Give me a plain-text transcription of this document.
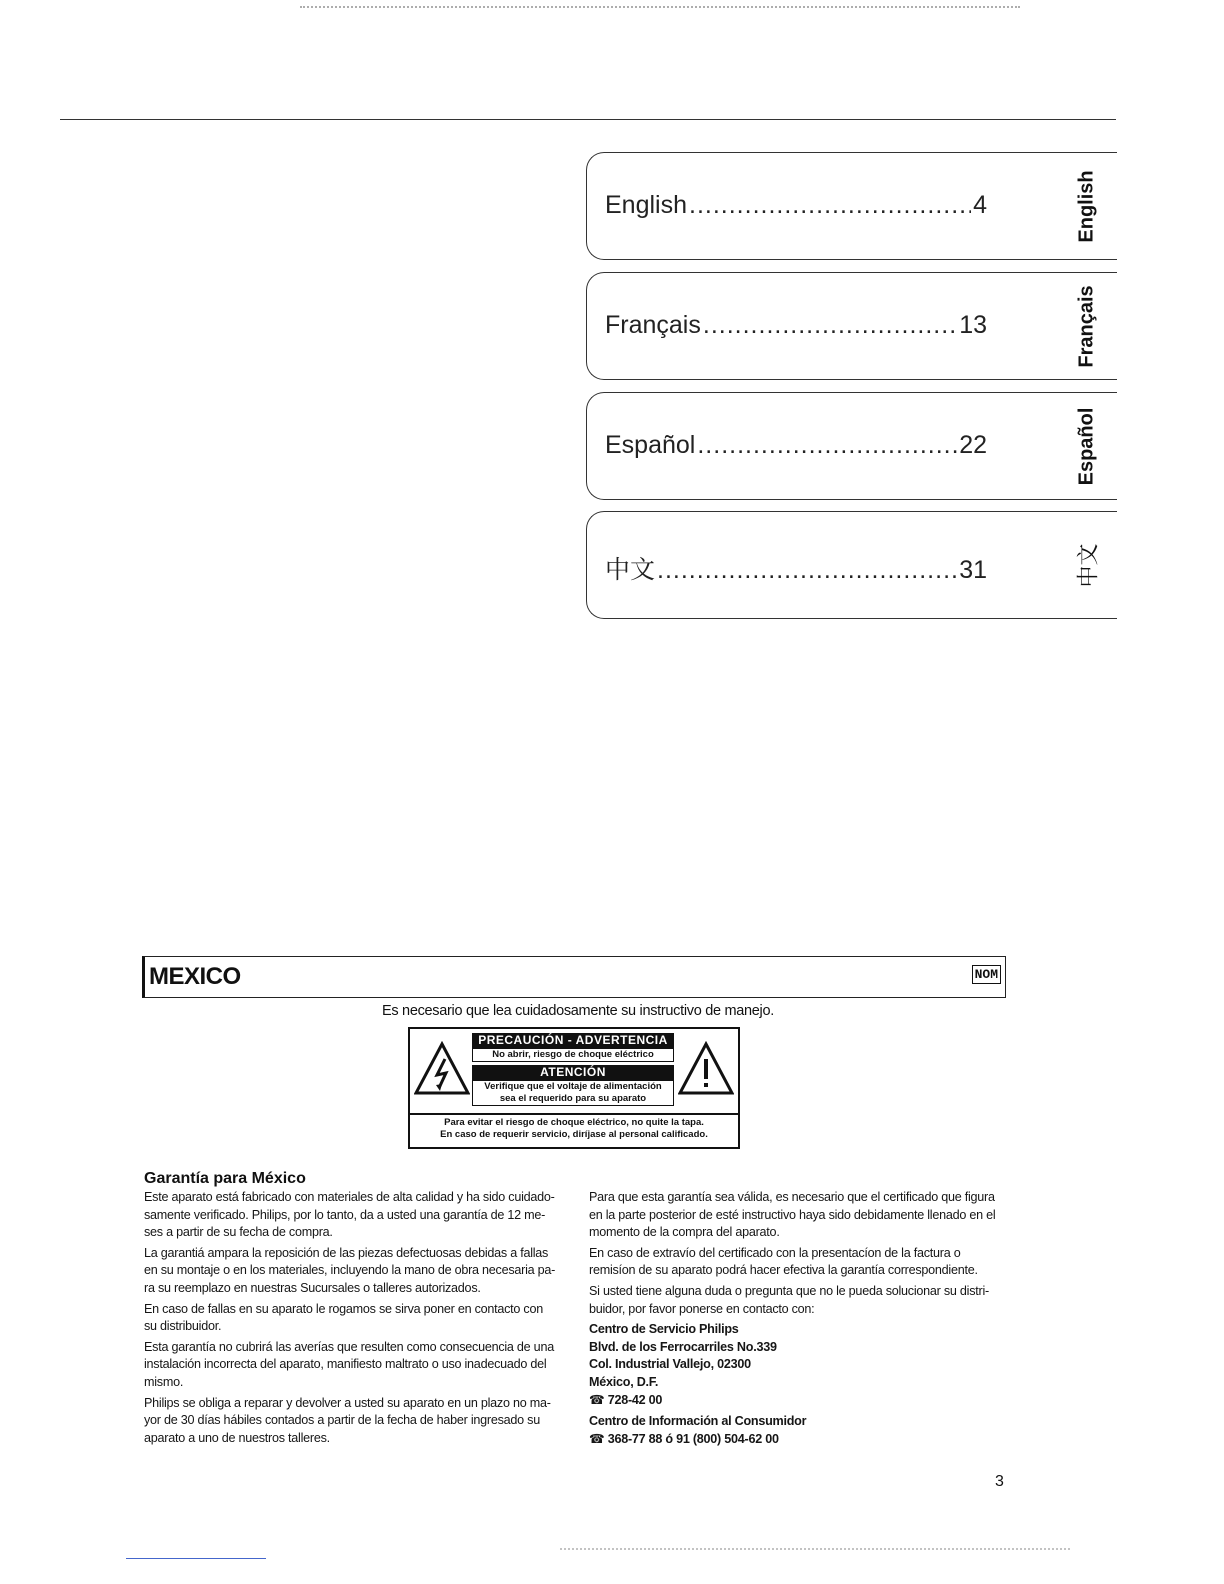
English .....	4	English
Français .....	13	Français
Español .....	22	Español
中文 .....	31	中文
MEXICO	NOM
Es necesario que lea cuidadosamente su instructivo de manejo.
PRECAUCIÓN - ADVERTENCIA
No abrir, riesgo de choque eléctrico
ATENCIÓN
Verifique que el voltaje de alimentación
sea el requerido para su aparato
Para evitar el riesgo de choque eléctrico, no quite la tapa.
En caso de requerir servicio, diríjase al personal calificado.
Garantía para México

Este aparato está fabricado con materiales de alta calidad y ha sido cuidado-samente verificado. Philips, por lo tanto, da a usted una garantía de 12 me-ses a partir de su fecha de compra.

La garantiá ampara la reposición de las piezas defectuosas debidas a fallas en su montaje o en los materiales, incluyendo la mano de obra necesaria pa-ra su reemplazo en nuestras Sucursales o talleres autorizados.

En caso de fallas en su aparato le rogamos se sirva poner en contacto con su distribuidor.

Esta garantía no cubrirá las averías que resulten como consecuencia de una instalación incorrecta del aparato, manifiesto maltrato o uso inadecuado del mismo.

Philips se obliga a reparar y devolver a usted su aparato en un plazo no ma-yor de 30 días hábiles contados a partir de la fecha de haber ingresado su aparato a uno de nuestros talleres.

Para que esta garantía sea válida, es necesario que el certificado que figura en la parte posterior de esté instructivo haya sido debidamente llenado en el momento de la compra del aparato.

En caso de extravío del certificado con la presentacíon de la factura o remisíon de su aparato podrá hacer efectiva la garantía correspondiente.

Si usted tiene alguna duda o pregunta que no le pueda solucionar su distri-buidor, por favor ponerse en contacto con:

Centro de Servicio Philips
Blvd. de los Ferrocarriles No.339
Col. Industrial Vallejo, 02300
México, D.F.
☎ 728-42 00
Centro de Información al Consumidor
☎ 368-77 88 ó 91 (800) 504-62 00
3
